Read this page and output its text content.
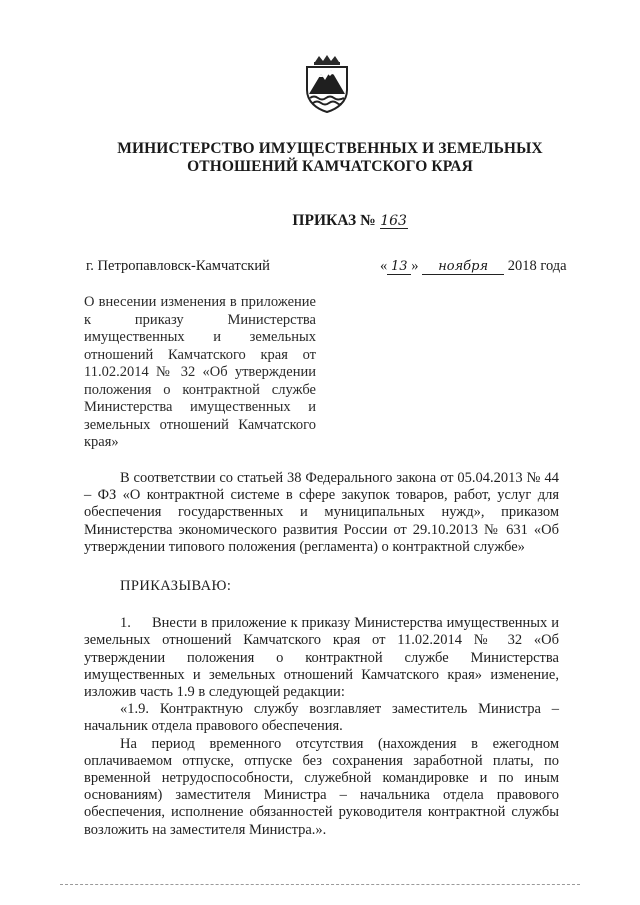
МИНИСТЕРСТВО ИМУЩЕСТВЕННЫХ И ЗЕМЕЛЬНЫХ
ОТНОШЕНИЙ КАМЧАТСКОГО КРАЯ
ПРИКАЗ № 163
г. Петропавловск-Камчатский	« 13 » ноября 2018 года
О внесении изменения в приложение к приказу Министерства имущественных и земельных отношений Камчатского края от 11.02.2014 № 32 «Об утверждении положения о контрактной службе Министерства имущественных и земельных отношений Камчатского края»

В соответствии со статьей 38 Федерального закона от 05.04.2013 № 44 – ФЗ «О контрактной системе в сфере закупок товаров, работ, услуг для обеспечения государственных и муниципальных нужд», приказом Министерства экономического развития России от 29.10.2013 № 631 «Об утверждении типового положения (регламента) о контрактной службе»

ПРИКАЗЫВАЮ:

1. Внести в приложение к приказу Министерства имущественных и земельных отношений Камчатского края от 11.02.2014 № 32 «Об утверждении положения о контрактной службе Министерства имущественных и земельных отношений Камчатского края» изменение, изложив часть 1.9 в следующей редакции:

«1.9. Контрактную службу возглавляет заместитель Министра – начальник отдела правового обеспечения.

На период временного отсутствия (нахождения в ежегодном оплачиваемом отпуске, отпуске без сохранения заработной платы, по временной нетрудоспособности, служебной командировке и по иным основаниям) заместителя Министра – начальника отдела правового обеспечения, исполнение обязанностей руководителя контрактной службы возложить на заместителя Министра.».
